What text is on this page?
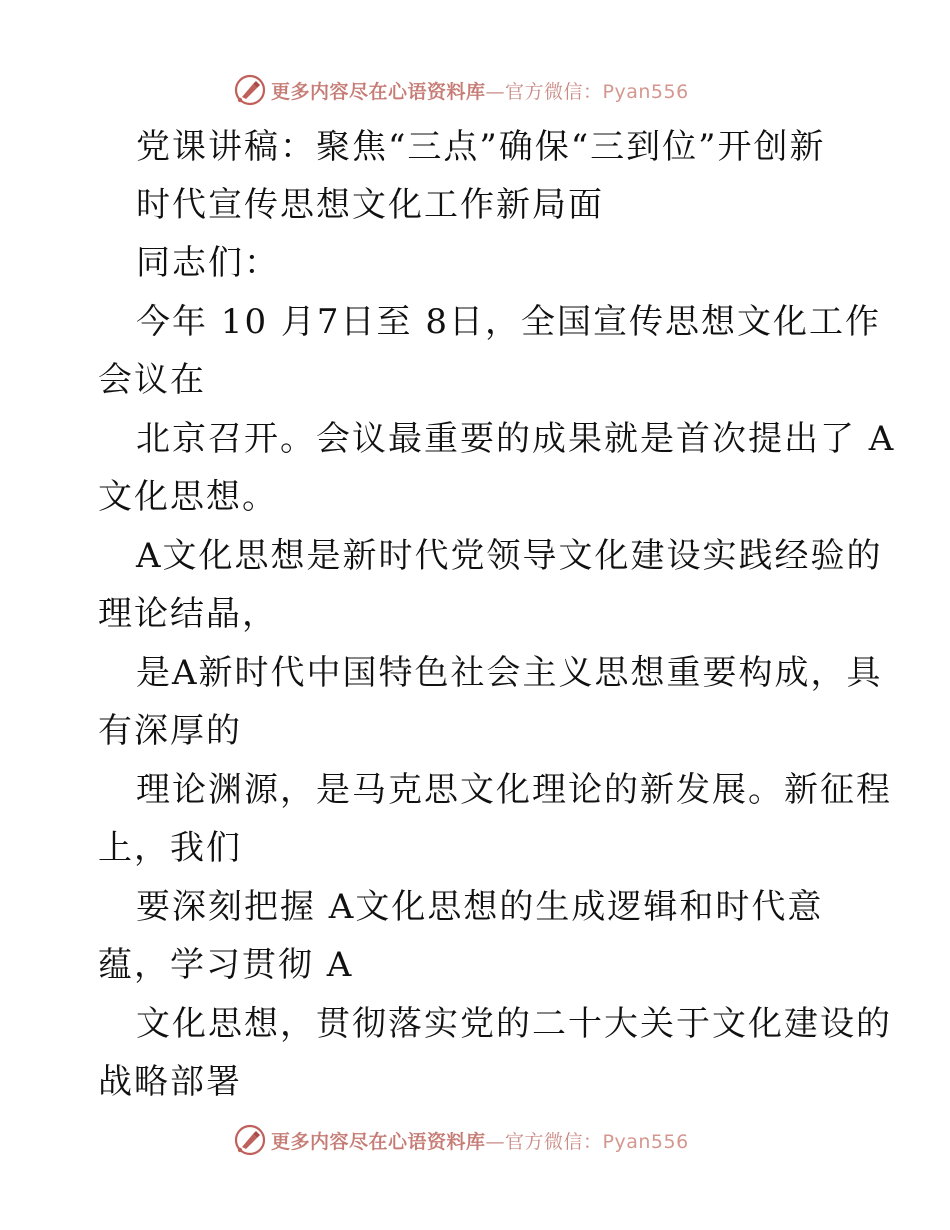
更多内容尽在心语资料库—官方微信：Pyan556
党课讲稿：聚焦“三点”确保“三到位”开创新
时代宣传思想文化工作新局面
同志们：
今年 10 月7日至 8日，全国宣传思想文化工作
会议在
北京召开。会议最重要的成果就是首次提出了 A
文化思想。
A文化思想是新时代党领导文化建设实践经验的
理论结晶，
是A新时代中国特色社会主义思想重要构成，具
有深厚的
理论渊源，是马克思文化理论的新发展。新征程
上，我们
要深刻把握 A文化思想的生成逻辑和时代意
蕴，学习贯彻 A
文化思想，贯彻落实党的二十大关于文化建设的
战略部署
更多内容尽在心语资料库—官方微信：Pyan556
